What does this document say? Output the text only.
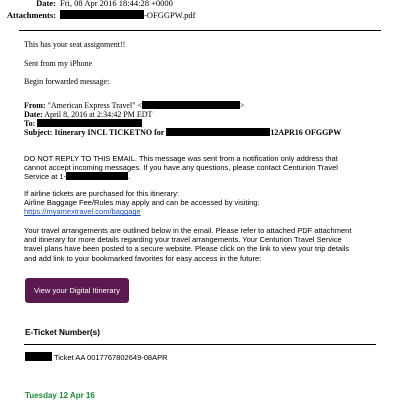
Date: Fri, 08 Apr 2016 18:44:28 +0000
Attachments:	-OFGGPW.pdf
This has your seat assignment!!
Sent from my iPhone
Begin forwarded message:
From: "American Express Travel" <	>
Date: April 8, 2016 at 2:34:42 PM EDT
To:
Subject: Itinerary INCL TICKETNO for	12APR16 OFGGPW

DO NOT REPLY TO THIS EMAIL. This message was sent from a notification only address that

cannot accept incoming messages. If you have any questions, please contact Centurion Travel

Service at 1-	.

If airline tickets are purchased for this itinerary:

Airline Baggage Fee/Rules may apply and can be accessed by visiting:

https://myamextravel.com/baggage

Your travel arrangements are outlined below in the email. Please refer to attached PDF attachment

and itinerary for more details regarding your travel arrangements. Your Centurion Travel Service

travel plans have been posted to a secure website. Please click on the link to view your trip details

and add link to your bookmarked favorites for easy access in the future:

View your Digital Itinerary
E-Ticket Number(s)
Ticket AA 0017767802649-08APR
Tuesday 12 Apr 16
